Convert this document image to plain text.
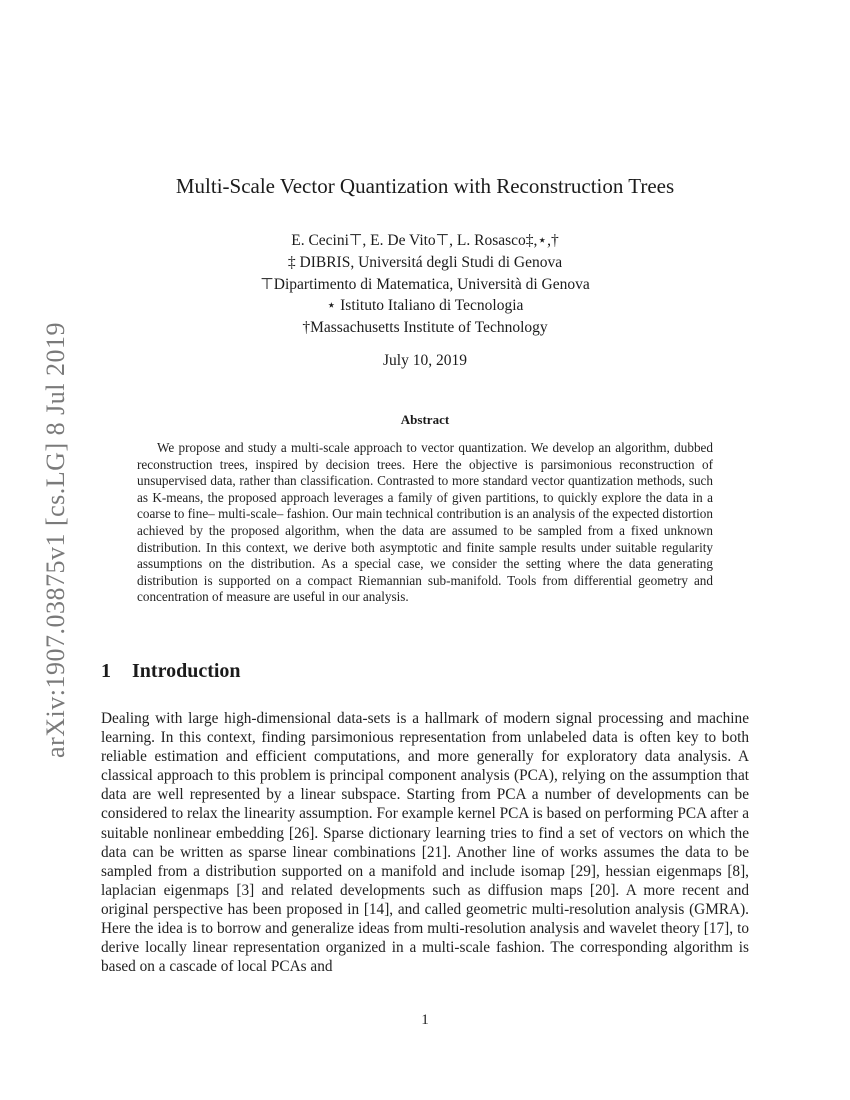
arXiv:1907.03875v1 [cs.LG] 8 Jul 2019
Multi-Scale Vector Quantization with Reconstruction Trees
E. Cecini⊤, E. De Vito⊤, L. Rosasco‡,⋆,†
‡ DIBRIS, Universitá degli Studi di Genova
⊤Dipartimento di Matematica, Università di Genova
⋆ Istituto Italiano di Tecnologia
†Massachusetts Institute of Technology
July 10, 2019
Abstract

We propose and study a multi-scale approach to vector quantization. We develop an algorithm, dubbed reconstruction trees, inspired by decision trees. Here the objective is parsimonious reconstruction of unsupervised data, rather than classification. Contrasted to more standard vector quantization methods, such as K-means, the proposed approach leverages a family of given partitions, to quickly explore the data in a coarse to fine– multi-scale– fashion. Our main technical contribution is an analysis of the expected distortion achieved by the proposed algorithm, when the data are assumed to be sampled from a fixed unknown distribution. In this context, we derive both asymptotic and finite sample results under suitable regularity assumptions on the distribution. As a special case, we consider the setting where the data generating distribution is supported on a compact Riemannian sub-manifold. Tools from differential geometry and concentration of measure are useful in our analysis.

1 Introduction

Dealing with large high-dimensional data-sets is a hallmark of modern signal processing and machine learning. In this context, finding parsimonious representation from unlabeled data is often key to both reliable estimation and efficient computations, and more generally for exploratory data analysis. A classical approach to this problem is principal component analysis (PCA), relying on the assumption that data are well represented by a linear subspace. Starting from PCA a number of developments can be considered to relax the linearity assumption. For example kernel PCA is based on performing PCA after a suitable nonlinear embedding [26]. Sparse dictionary learning tries to find a set of vectors on which the data can be written as sparse linear combinations [21]. Another line of works assumes the data to be sampled from a distribution supported on a manifold and include isomap [29], hessian eigenmaps [8], laplacian eigenmaps [3] and related developments such as diffusion maps [20]. A more recent and original perspective has been proposed in [14], and called geometric multi-resolution analysis (GMRA). Here the idea is to borrow and generalize ideas from multi-resolution analysis and wavelet theory [17], to derive locally linear representation organized in a multi-scale fashion. The corresponding algorithm is based on a cascade of local PCAs and

1
